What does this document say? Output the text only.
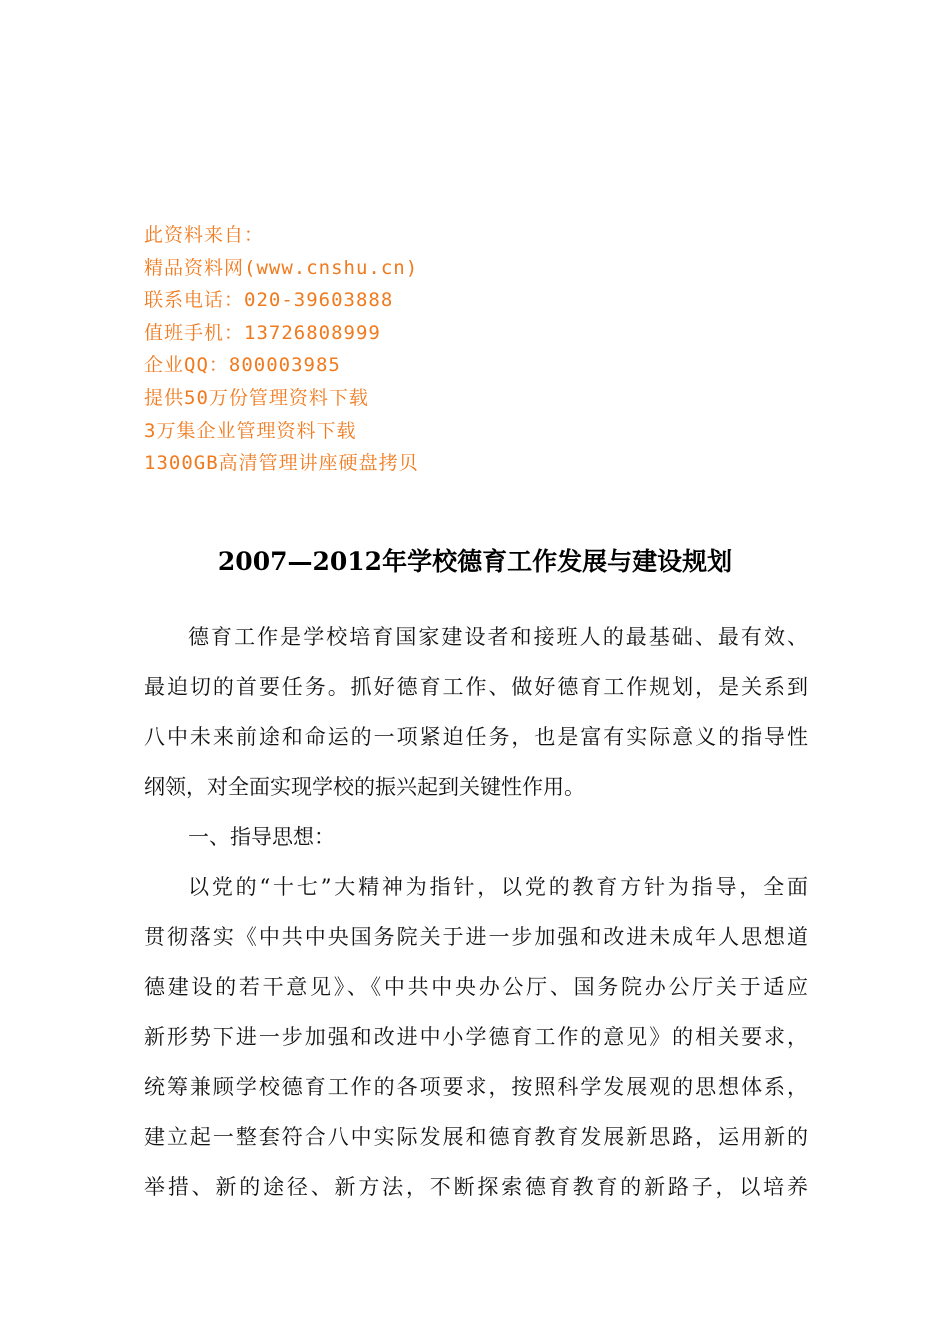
此资料来自：
精品资料网(www.cnshu.cn)
联系电话：020-39603888
值班手机：13726808999
企业QQ：800003985
提供50万份管理资料下载
3万集企业管理资料下载
1300GB高清管理讲座硬盘拷贝
2007—2012年学校德育工作发展与建设规划
德育工作是学校培育国家建设者和接班人的最基础、最有效、
最迫切的首要任务。抓好德育工作、做好德育工作规划，是关系到
八中未来前途和命运的一项紧迫任务，也是富有实际意义的指导性
纲领，对全面实现学校的振兴起到关键性作用。
一、指导思想：
以党的“十七”大精神为指针，以党的教育方针为指导，全面
贯彻落实《中共中央国务院关于进一步加强和改进未成年人思想道
德建设的若干意见》、《中共中央办公厅、国务院办公厅关于适应
新形势下进一步加强和改进中小学德育工作的意见》的相关要求，
统筹兼顾学校德育工作的各项要求，按照科学发展观的思想体系，
建立起一整套符合八中实际发展和德育教育发展新思路，运用新的
举措、新的途径、新方法，不断探索德育教育的新路子，以培养
